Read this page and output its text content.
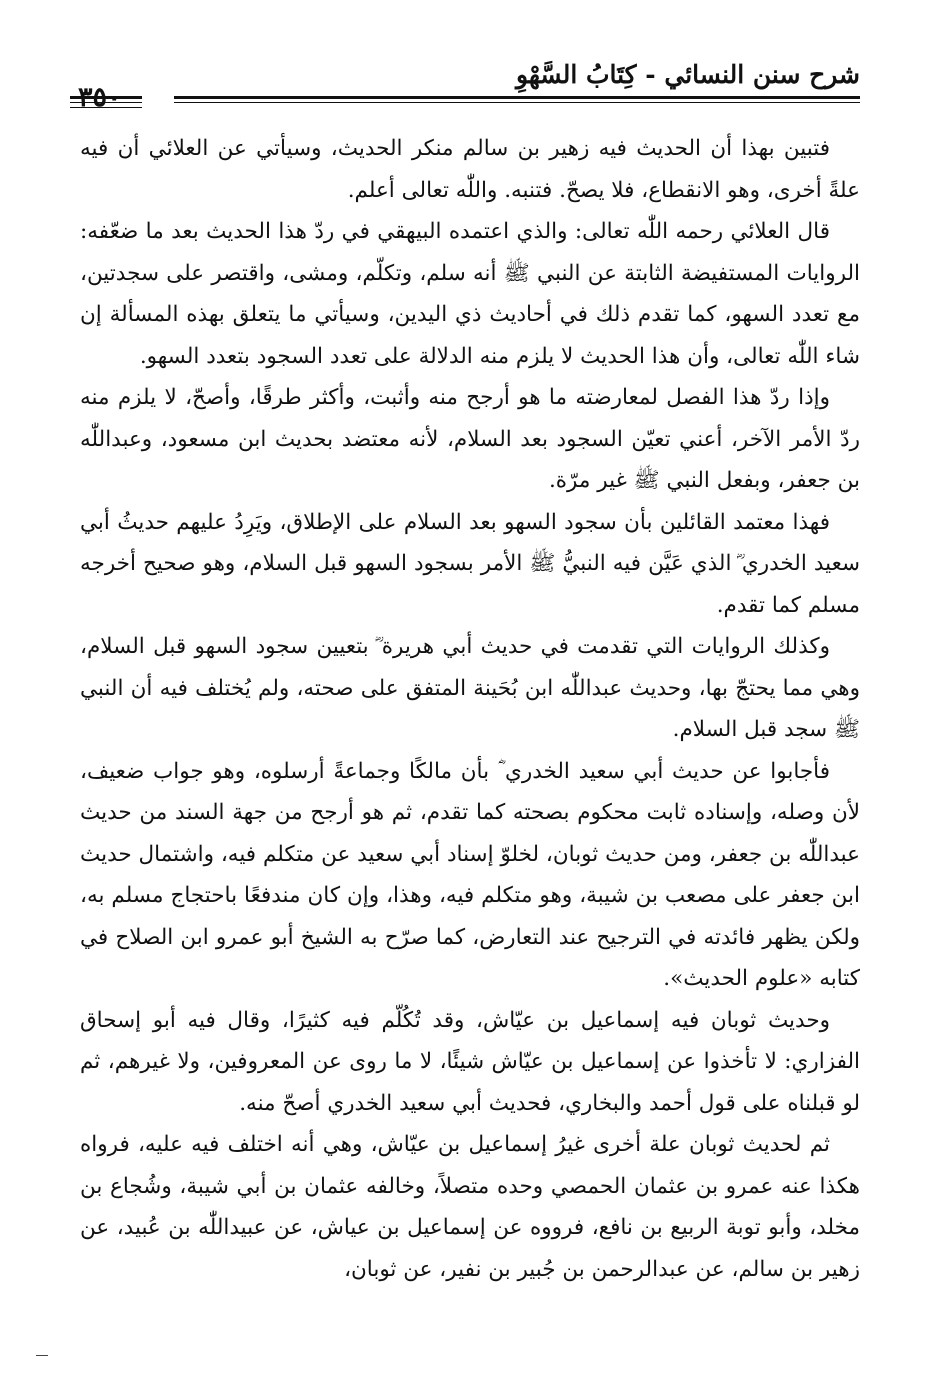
شرح سنن النسائي - كِتَابُ السَّهْوِ
٣٥٠

فتبين بهذا أن الحديث فيه زهير بن سالم منكر الحديث، وسيأتي عن العلائي أن فيه علةً أخرى، وهو الانقطاع، فلا يصحّ. فتنبه. واللّٰه تعالى أعلم.

قال العلائي رحمه اللّٰه تعالى: والذي اعتمده البيهقي في ردّ هذا الحديث بعد ما ضعّفه: الروايات المستفيضة الثابتة عن النبي ﷺ أنه سلم، وتكلّم، ومشى، واقتصر على سجدتين، مع تعدد السهو، كما تقدم ذلك في أحاديث ذي اليدين، وسيأتي ما يتعلق بهذه المسألة إن شاء اللّٰه تعالى، وأن هذا الحديث لا يلزم منه الدلالة على تعدد السجود بتعدد السهو.

وإذا ردّ هذا الفصل لمعارضته ما هو أرجح منه وأثبت، وأكثر طرقًا، وأصحّ، لا يلزم منه ردّ الأمر الآخر، أعني تعيّن السجود بعد السلام، لأنه معتضد بحديث ابن مسعود، وعبداللّٰه بن جعفر، وبفعل النبي ﷺ غير مرّة.

فهذا معتمد القائلين بأن سجود السهو بعد السلام على الإطلاق، ويَرِدُ عليهم حديثُ أبي سعيد الخدري ؓ الذي عَيَّن فيه النبيُّ ﷺ الأمر بسجود السهو قبل السلام، وهو صحيح أخرجه مسلم كما تقدم.

وكذلك الروايات التي تقدمت في حديث أبي هريرة ؓ بتعيين سجود السهو قبل السلام، وهي مما يحتجّ بها، وحديث عبداللّٰه ابن بُحَينة المتفق على صحته، ولم يُختلف فيه أن النبي ﷺ سجد قبل السلام.

فأجابوا عن حديث أبي سعيد الخدري ؓ بأن مالكًا وجماعةً أرسلوه، وهو جواب ضعيف، لأن وصله، وإسناده ثابت محكوم بصحته كما تقدم، ثم هو أرجح من جهة السند من حديث عبداللّٰه بن جعفر، ومن حديث ثوبان، لخلوّ إسناد أبي سعيد عن متكلم فيه، واشتمال حديث ابن جعفر على مصعب بن شيبة، وهو متكلم فيه، وهذا، وإن كان مندفعًا باحتجاج مسلم به، ولكن يظهر فائدته في الترجيح عند التعارض، كما صرّح به الشيخ أبو عمرو ابن الصلاح في كتابه «علوم الحديث».

وحديث ثوبان فيه إسماعيل بن عيّاش، وقد تُكُلّم فيه كثيرًا، وقال فيه أبو إسحاق الفزاري: لا تأخذوا عن إسماعيل بن عيّاش شيئًا، لا ما روى عن المعروفين، ولا غيرهم، ثم لو قبلناه على قول أحمد والبخاري، فحديث أبي سعيد الخدري أصحّ منه.

ثم لحديث ثوبان علة أخرى غيرُ إسماعيل بن عيّاش، وهي أنه اختلف فيه عليه، فرواه هكذا عنه عمرو بن عثمان الحمصي وحده متصلاً، وخالفه عثمان بن أبي شيبة، وشُجاع بن مخلد، وأبو توبة الربيع بن نافع، فرووه عن إسماعيل بن عياش، عن عبيداللّٰه بن عُبيد، عن زهير بن سالم، عن عبدالرحمن بن جُبير بن نفير، عن ثوبان،
